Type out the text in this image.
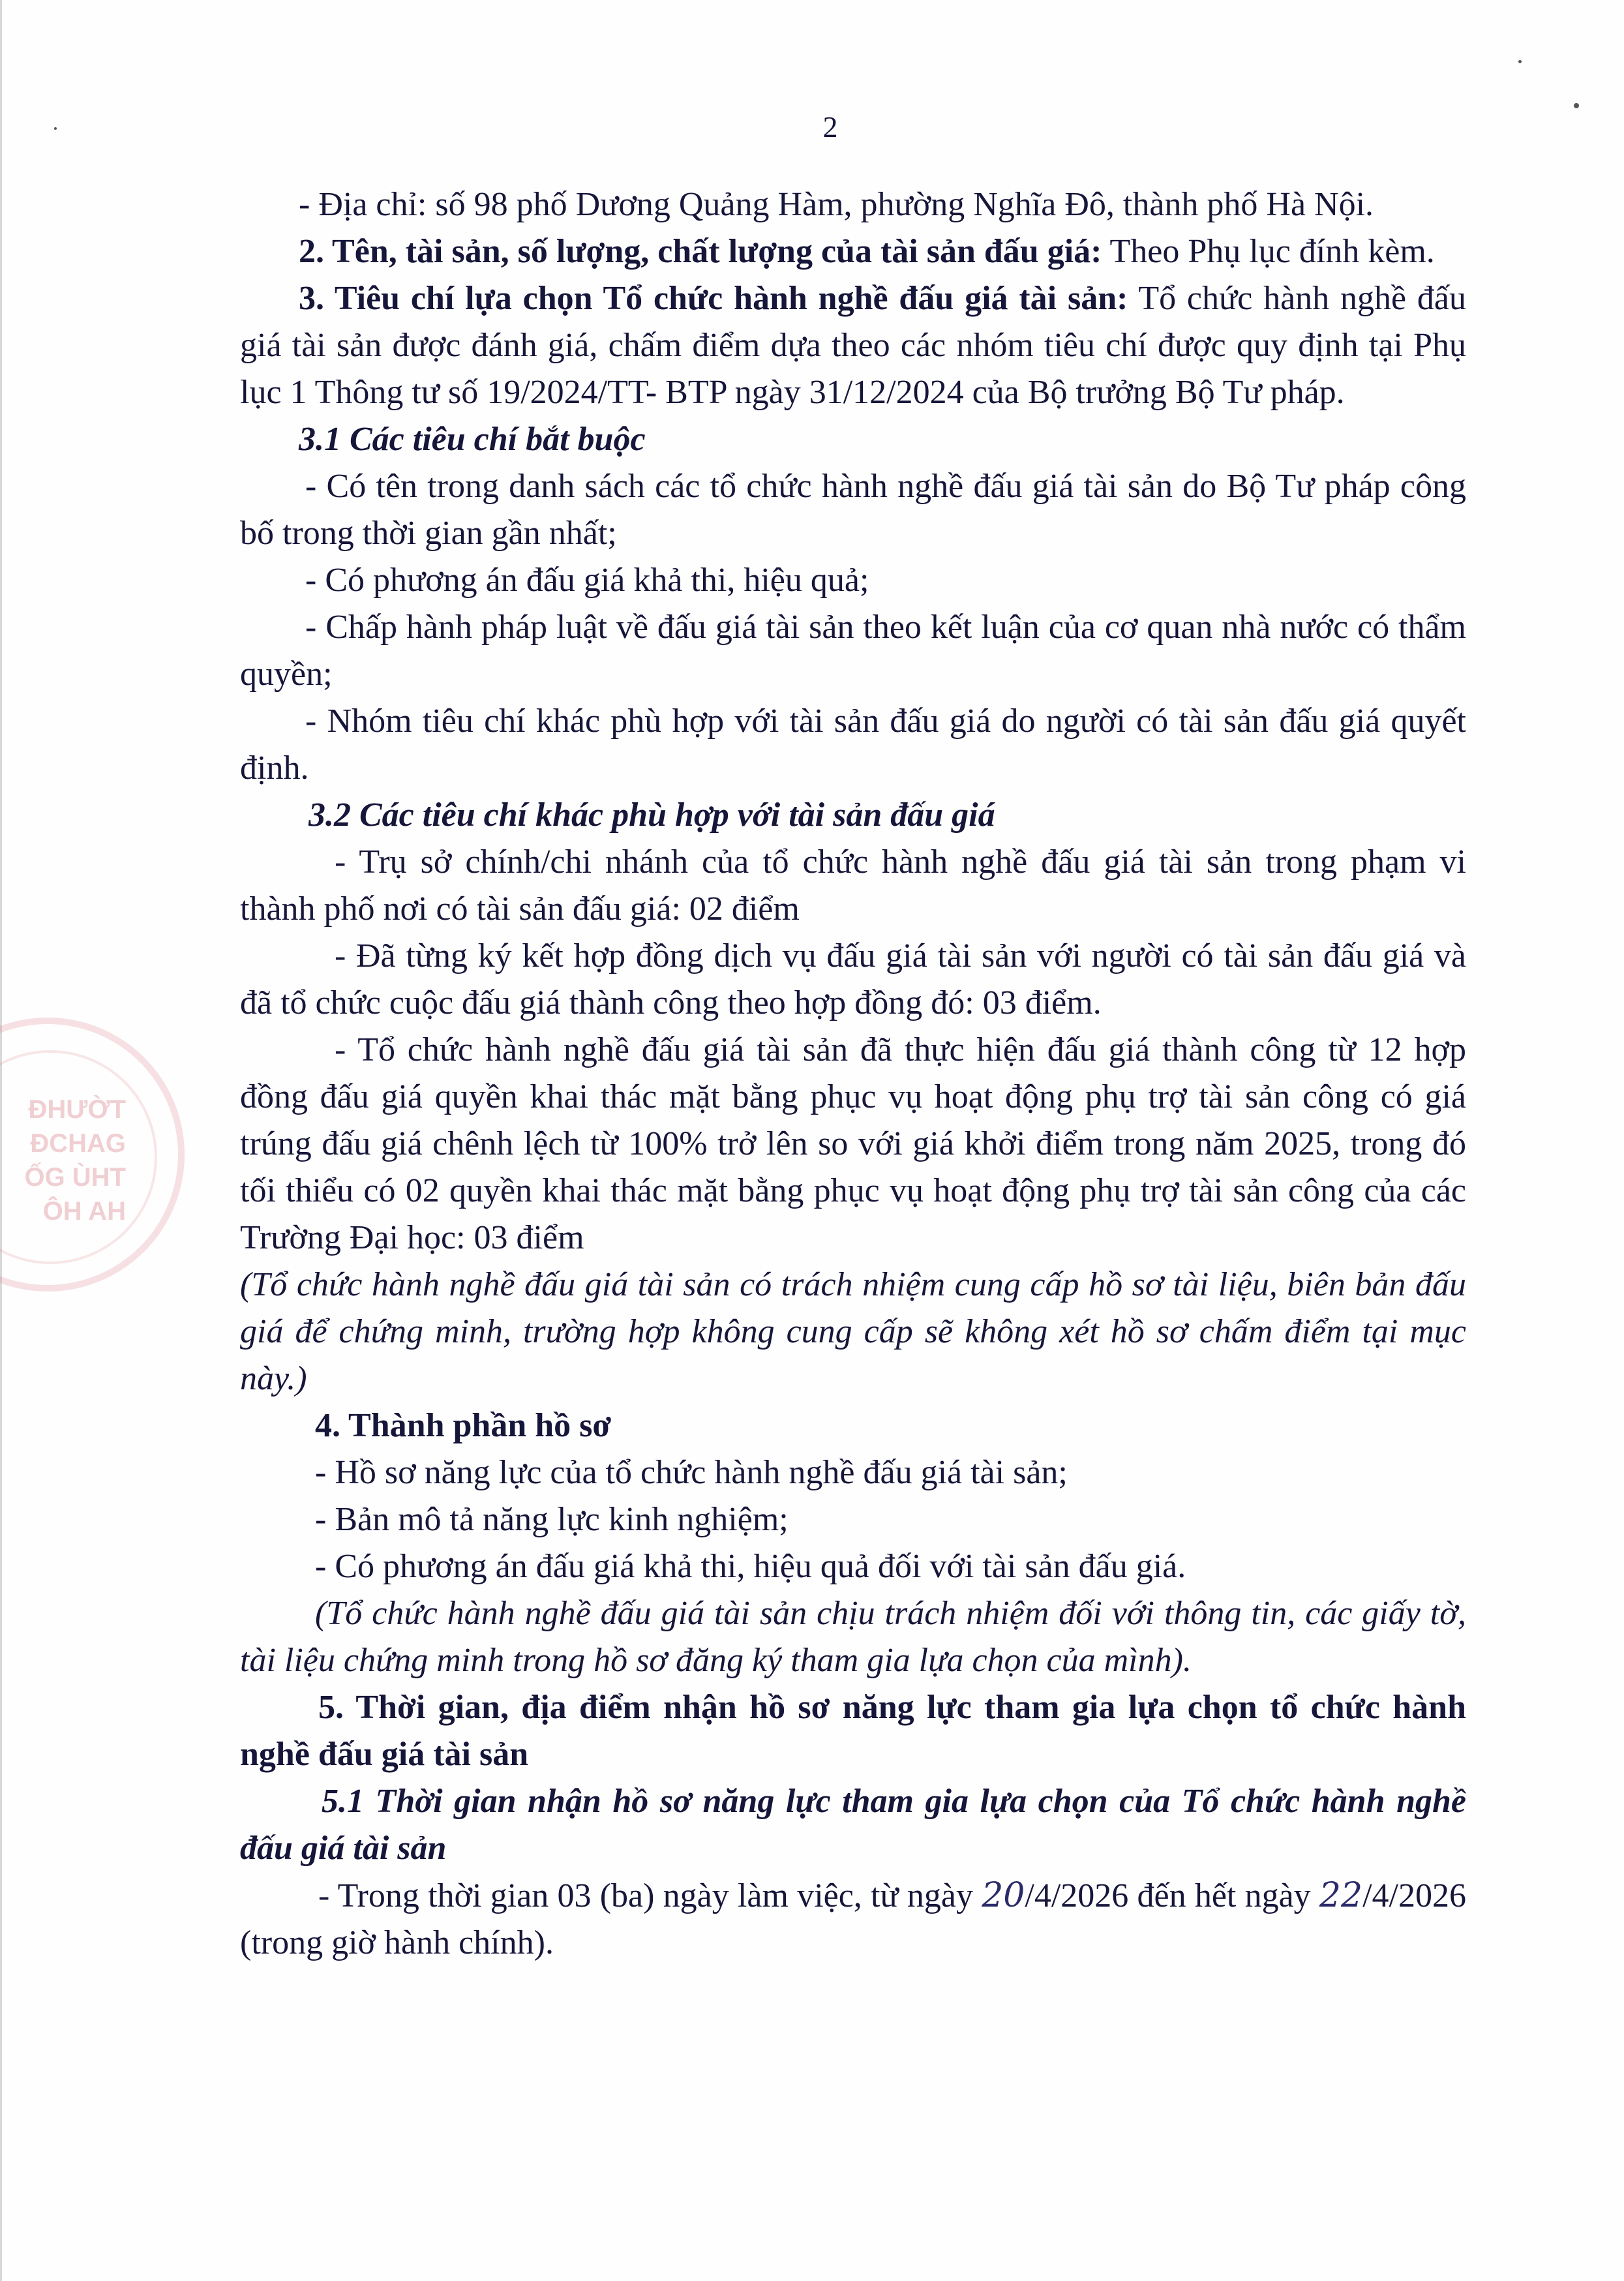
2
ĐHƯỜT
ĐCHAG
ỐG ÙHT
ÔH AH

- Địa chỉ: số 98 phố Dương Quảng Hàm, phường Nghĩa Đô, thành phố Hà Nội.

2. Tên, tài sản, số lượng, chất lượng của tài sản đấu giá: Theo Phụ lục đính kèm.

3. Tiêu chí lựa chọn Tổ chức hành nghề đấu giá tài sản: Tổ chức hành nghề đấu giá tài sản được đánh giá, chấm điểm dựa theo các nhóm tiêu chí được quy định tại Phụ lục 1 Thông tư số 19/2024/TT- BTP ngày 31/12/2024 của Bộ trưởng Bộ Tư pháp.

3.1 Các tiêu chí bắt buộc

- Có tên trong danh sách các tổ chức hành nghề đấu giá tài sản do Bộ Tư pháp công bố trong thời gian gần nhất;

- Có phương án đấu giá khả thi, hiệu quả;

- Chấp hành pháp luật về đấu giá tài sản theo kết luận của cơ quan nhà nước có thẩm quyền;

- Nhóm tiêu chí khác phù hợp với tài sản đấu giá do người có tài sản đấu giá quyết định.

3.2 Các tiêu chí khác phù hợp với tài sản đấu giá

- Trụ sở chính/chi nhánh của tổ chức hành nghề đấu giá tài sản trong phạm vi thành phố nơi có tài sản đấu giá: 02 điểm

- Đã từng ký kết hợp đồng dịch vụ đấu giá tài sản với người có tài sản đấu giá và đã tổ chức cuộc đấu giá thành công theo hợp đồng đó: 03 điểm.

- Tổ chức hành nghề đấu giá tài sản đã thực hiện đấu giá thành công từ 12 hợp đồng đấu giá quyền khai thác mặt bằng phục vụ hoạt động phụ trợ tài sản công có giá trúng đấu giá chênh lệch từ 100% trở lên so với giá khởi điểm trong năm 2025, trong đó tối thiểu có 02 quyền khai thác mặt bằng phục vụ hoạt động phụ trợ tài sản công của các Trường Đại học: 03 điểm

(Tổ chức hành nghề đấu giá tài sản có trách nhiệm cung cấp hồ sơ tài liệu, biên bản đấu giá để chứng minh, trường hợp không cung cấp sẽ không xét hồ sơ chấm điểm tại mục này.)

4. Thành phần hồ sơ

- Hồ sơ năng lực của tổ chức hành nghề đấu giá tài sản;

- Bản mô tả năng lực kinh nghiệm;

- Có phương án đấu giá khả thi, hiệu quả đối với tài sản đấu giá.

(Tổ chức hành nghề đấu giá tài sản chịu trách nhiệm đối với thông tin, các giấy tờ, tài liệu chứng minh trong hồ sơ đăng ký tham gia lựa chọn của mình).

5. Thời gian, địa điểm nhận hồ sơ năng lực tham gia lựa chọn tổ chức hành nghề đấu giá tài sản

5.1 Thời gian nhận hồ sơ năng lực tham gia lựa chọn của Tổ chức hành nghề đấu giá tài sản

- Trong thời gian 03 (ba) ngày làm việc, từ ngày 20/4/2026 đến hết ngày 22/4/2026 (trong giờ hành chính).
